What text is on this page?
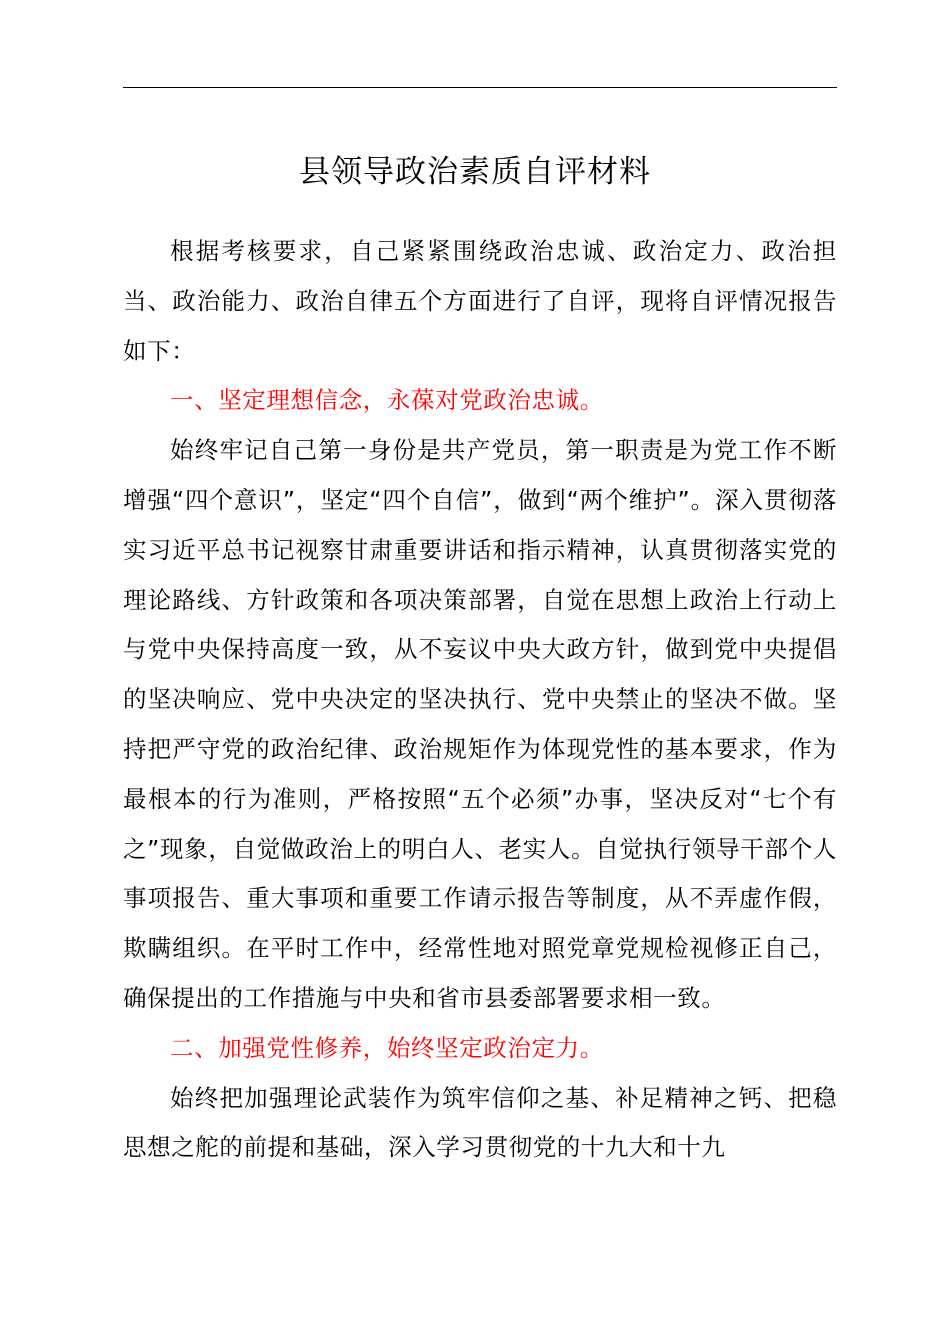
县领导政治素质自评材料

根据考核要求，自己紧紧围绕政治忠诚、政治定力、政治担当、政治能力、政治自律五个方面进行了自评，现将自评情况报告如下：

一、坚定理想信念，永葆对党政治忠诚。

始终牢记自己第一身份是共产党员，第一职责是为党工作不断增强“四个意识”，坚定“四个自信”，做到“两个维护”。深入贯彻落实习近平总书记视察甘肃重要讲话和指示精神，认真贯彻落实党的理论路线、方针政策和各项决策部署，自觉在思想上政治上行动上与党中央保持高度一致，从不妄议中央大政方针，做到党中央提倡的坚决响应、党中央决定的坚决执行、党中央禁止的坚决不做。坚持把严守党的政治纪律、政治规矩作为体现党性的基本要求，作为最根本的行为准则，严格按照“五个必须”办事，坚决反对“七个有之”现象，自觉做政治上的明白人、老实人。自觉执行领导干部个人事项报告、重大事项和重要工作请示报告等制度，从不弄虚作假，欺瞒组织。在平时工作中，经常性地对照党章党规检视修正自己，确保提出的工作措施与中央和省市县委部署要求相一致。

二、加强党性修养，始终坚定政治定力。

始终把加强理论武装作为筑牢信仰之基、补足精神之钙、把稳思想之舵的前提和基础，深入学习贯彻党的十九大和十九
